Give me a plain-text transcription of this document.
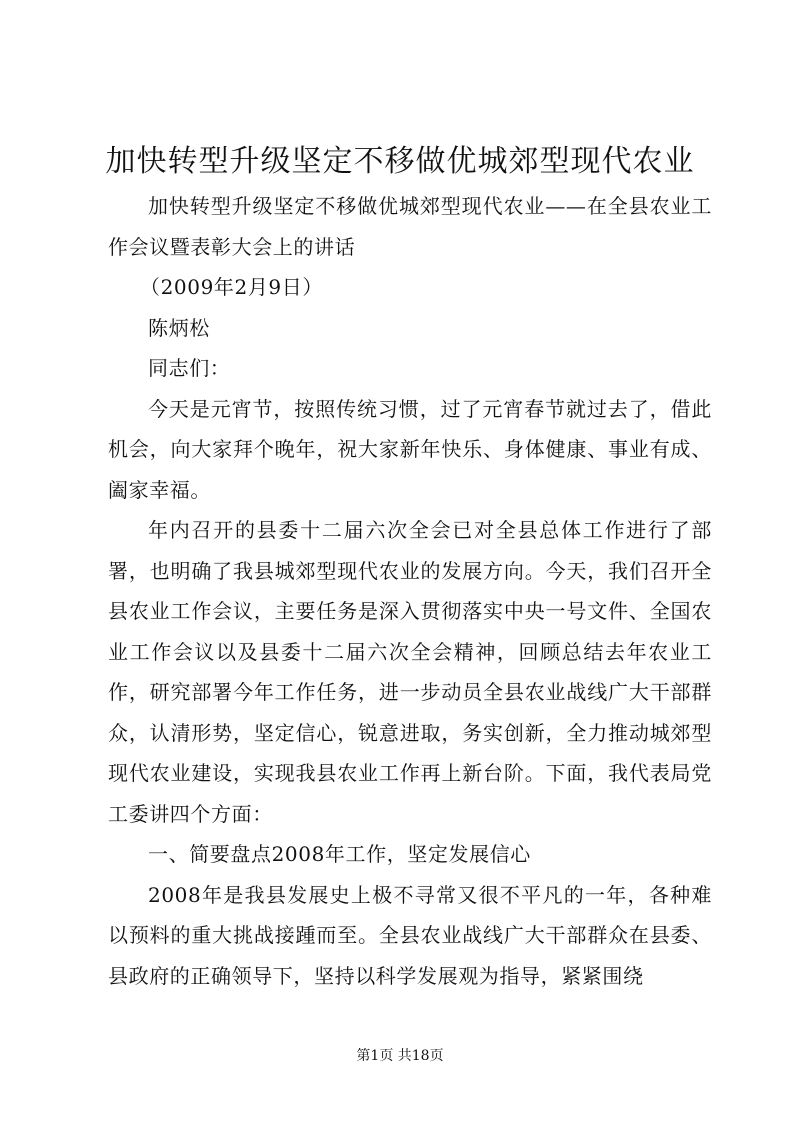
加快转型升级坚定不移做优城郊型现代农业

加快转型升级坚定不移做优城郊型现代农业——在全县农业工作会议暨表彰大会上的讲话

（2009年2月9日）

陈炳松

同志们：

今天是元宵节，按照传统习惯，过了元宵春节就过去了，借此机会，向大家拜个晚年，祝大家新年快乐、身体健康、事业有成、阖家幸福。

年内召开的县委十二届六次全会已对全县总体工作进行了部署，也明确了我县城郊型现代农业的发展方向。今天，我们召开全县农业工作会议，主要任务是深入贯彻落实中央一号文件、全国农业工作会议以及县委十二届六次全会精神，回顾总结去年农业工作，研究部署今年工作任务，进一步动员全县农业战线广大干部群众，认清形势，坚定信心，锐意进取，务实创新，全力推动城郊型现代农业建设，实现我县农业工作再上新台阶。下面，我代表局党工委讲四个方面：

一、简要盘点2008年工作，坚定发展信心

2008年是我县发展史上极不寻常又很不平凡的一年，各种难以预料的重大挑战接踵而至。全县农业战线广大干部群众在县委、县政府的正确领导下，坚持以科学发展观为指导，紧紧围绕

第1页 共18页
